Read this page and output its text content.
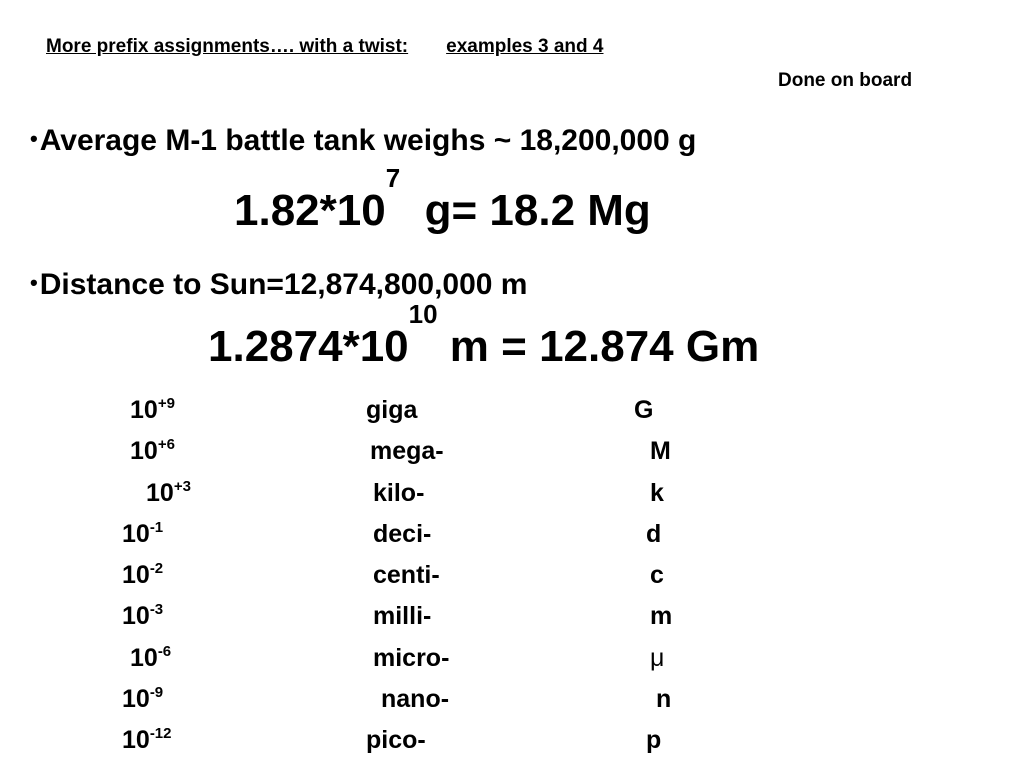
More prefix assignments…. with a twist: examples 3 and 4
Done on board
•Average M-1 battle tank weighs ~ 18,200,000 g
$1.82*10^7$  g= 18.2 Mg
•Distance to Sun=12,874,800,000 m
$1.2874*10^{10}$ m = 12.874 Gm
$10^{+9}$	giga	G
$10^{+6}$	mega-	M
$10^{+3}$	kilo-	k
$10^{-1}$	deci-	d
$10^{-2}$	centi-	c
$10^{-3}$	milli-	m
$10^{-6}$	micro-	μ
$10^{-9}$	nano-	n
$10^{-12}$	pico-	p
